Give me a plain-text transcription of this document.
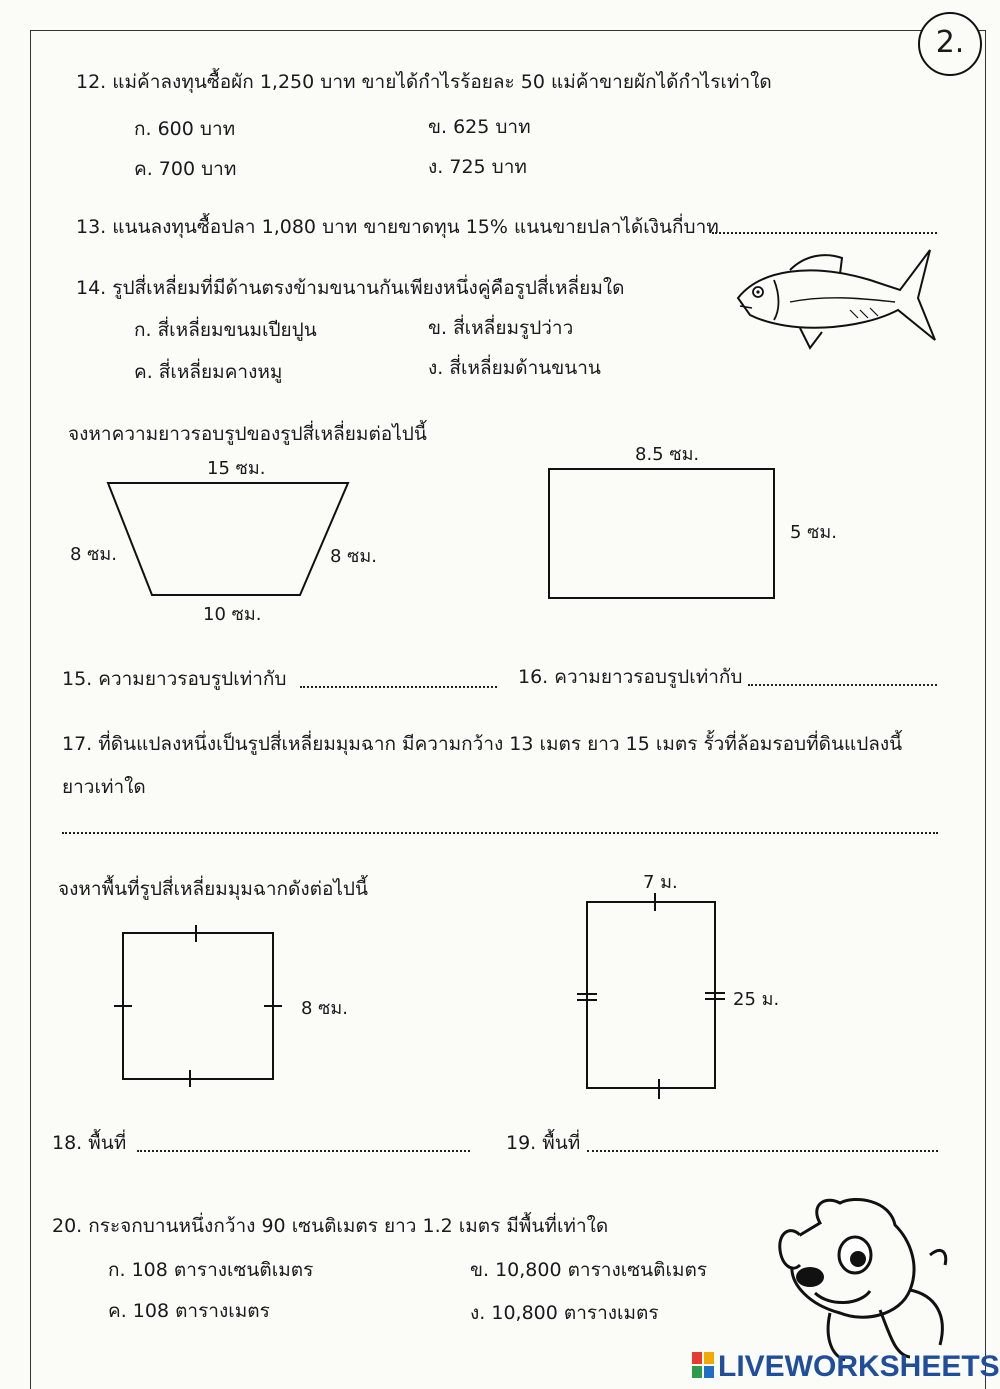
2.
12. แม่ค้าลงทุนซื้อผัก 1,250 บาท ขายได้กำไรร้อยละ 50 แม่ค้าขายผักได้กำไรเท่าใด
ก. 600 บาท	ข. 625 บาท
ค. 700 บาท	ง. 725 บาท
13. แนนลงทุนซื้อปลา 1,080 บาท ขายขาดทุน 15% แนนขายปลาได้เงินกี่บาท
14. รูปสี่เหลี่ยมที่มีด้านตรงข้ามขนานกันเพียงหนึ่งคู่คือรูปสี่เหลี่ยมใด
ก. สี่เหลี่ยมขนมเปียปูน	ข. สี่เหลี่ยมรูปว่าว
ค. สี่เหลี่ยมคางหมู	ง. สี่เหลี่ยมด้านขนาน
จงหาความยาวรอบรูปของรูปสี่เหลี่ยมต่อไปนี้
15 ซม.
8 ซม.	8 ซม.
10 ซม.
8.5 ซม.
5 ซม.
15. ความยาวรอบรูปเท่ากับ	16. ความยาวรอบรูปเท่ากับ
17. ที่ดินแปลงหนึ่งเป็นรูปสี่เหลี่ยมมุมฉาก มีความกว้าง 13 เมตร ยาว 15 เมตร รั้วที่ล้อมรอบที่ดินแปลงนี้
ยาวเท่าใด
จงหาพื้นที่รูปสี่เหลี่ยมมุมฉากดังต่อไปนี้
8 ซม.
7 ม.
25 ม.
18. พื้นที่	19. พื้นที่
20. กระจกบานหนึ่งกว้าง 90 เซนติเมตร ยาว 1.2 เมตร มีพื้นที่เท่าใด
ก. 108 ตารางเซนติเมตร	ข. 10,800 ตารางเซนติเมตร
ค. 108 ตารางเมตร	ง. 10,800 ตารางเมตร
LIVEWORKSHEETS
